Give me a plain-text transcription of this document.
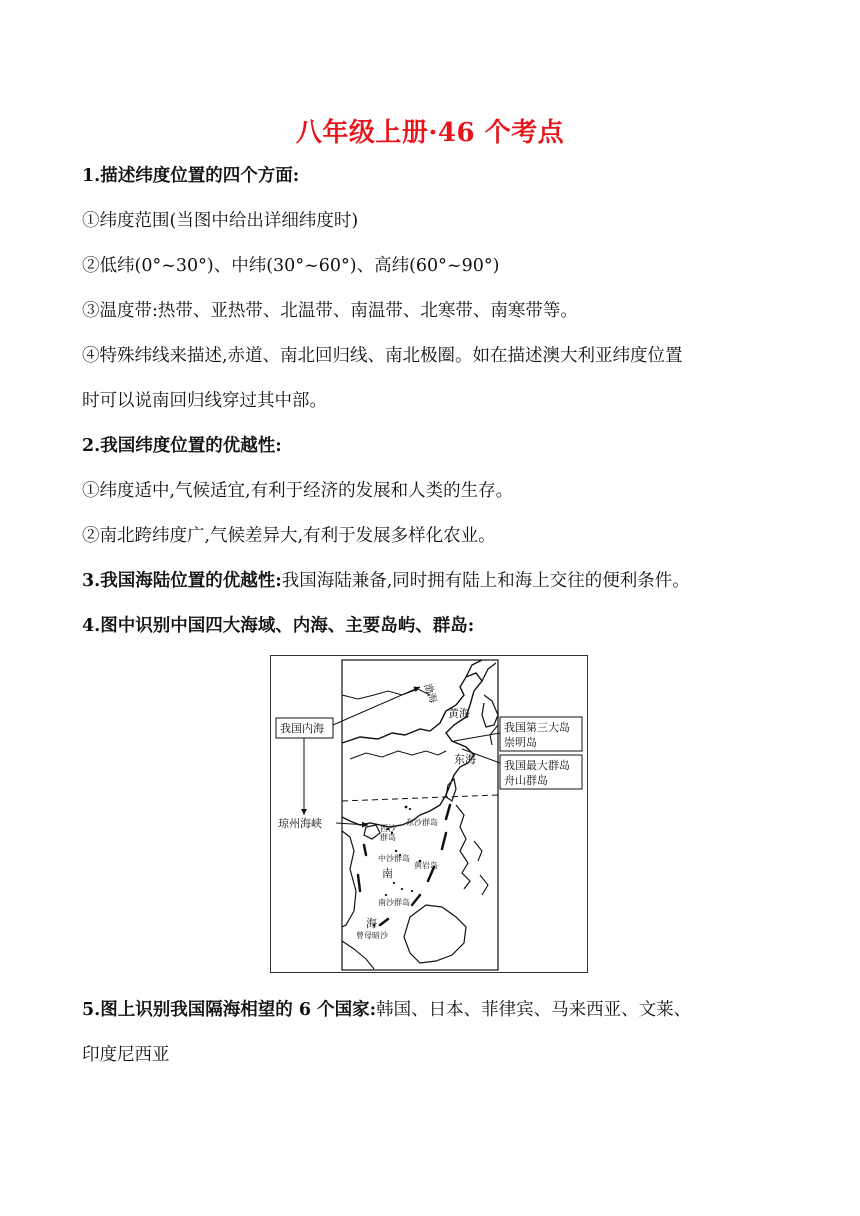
八年级上册·46 个考点
1.描述纬度位置的四个方面:
①纬度范围(当图中给出详细纬度时)
②低纬(0°~30°)、中纬(30°~60°)、高纬(60°~90°)
③温度带:热带、亚热带、北温带、南温带、北寒带、南寒带等。
④特殊纬线来描述,赤道、南北回归线、南北极圈。如在描述澳大利亚纬度位置
时可以说南回归线穿过其中部。
2.我国纬度位置的优越性:
①纬度适中,气候适宜,有利于经济的发展和人类的生存。
②南北跨纬度广,气候差异大,有利于发展多样化农业。
3.我国海陆位置的优越性:我国海陆兼备,同时拥有陆上和海上交往的便利条件。
4.图中识别中国四大海域、内海、主要岛屿、群岛:
渤海
我国内海
黄海
我国第三大岛
崇明岛
东海	我国最大群岛
舟山群岛
琼州海峡	西沙
群岛
东沙群岛
中沙群岛
黄岩岛
南
南沙群岛
海
曾母暗沙
5.图上识别我国隔海相望的 6 个国家:韩国、日本、菲律宾、马来西亚、文莱、
印度尼西亚
